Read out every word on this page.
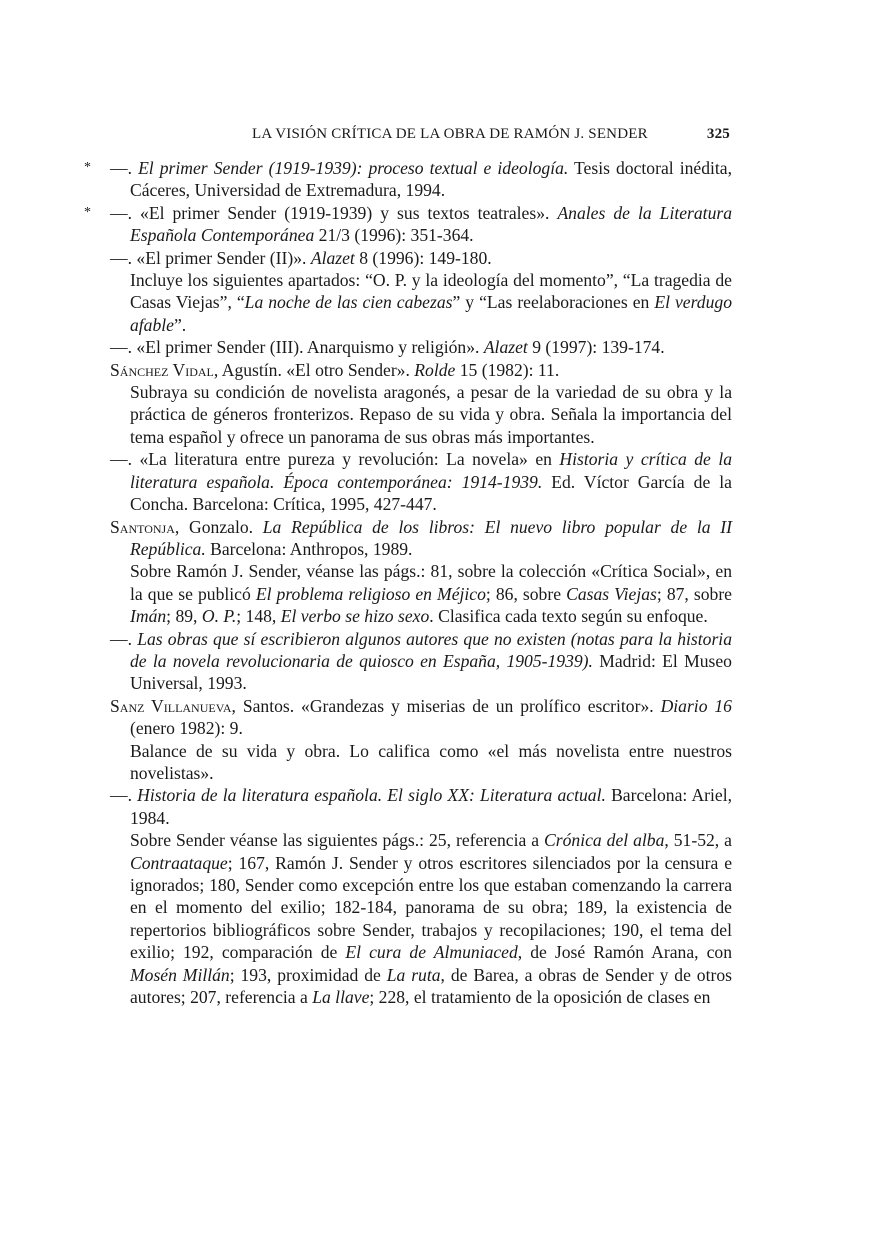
LA VISIÓN CRÍTICA DE LA OBRA DE RAMÓN J. SENDER	325

* —. El primer Sender (1919-1939): proceso textual e ideología. Tesis doctoral inédita, Cáceres, Universidad de Extremadura, 1994.

* —. «El primer Sender (1919-1939) y sus textos teatrales». Anales de la Literatura Española Contemporánea 21/3 (1996): 351-364.

—. «El primer Sender (II)». Alazet 8 (1996): 149-180.

Incluye los siguientes apartados: “O. P. y la ideología del momento”, “La tragedia de Casas Viejas”, “La noche de las cien cabezas” y “Las reelaboraciones en El verdugo afable”.

—. «El primer Sender (III). Anarquismo y religión». Alazet 9 (1997): 139-174.

Sánchez Vidal, Agustín. «El otro Sender». Rolde 15 (1982): 11.

Subraya su condición de novelista aragonés, a pesar de la variedad de su obra y la práctica de géneros fronterizos. Repaso de su vida y obra. Señala la importancia del tema español y ofrece un panorama de sus obras más importantes.

—. «La literatura entre pureza y revolución: La novela» en Historia y crítica de la literatura española. Época contemporánea: 1914-1939. Ed. Víctor García de la Concha. Barcelona: Crítica, 1995, 427-447.

Santonja, Gonzalo. La República de los libros: El nuevo libro popular de la II República. Barcelona: Anthropos, 1989.

Sobre Ramón J. Sender, véanse las págs.: 81, sobre la colección «Crítica Social», en la que se publicó El problema religioso en Méjico; 86, sobre Casas Viejas; 87, sobre Imán; 89, O. P.; 148, El verbo se hizo sexo. Clasifica cada texto según su enfoque.

—. Las obras que sí escribieron algunos autores que no existen (notas para la historia de la novela revolucionaria de quiosco en España, 1905-1939). Madrid: El Museo Universal, 1993.

Sanz Villanueva, Santos. «Grandezas y miserias de un prolífico escritor». Diario 16 (enero 1982): 9.

Balance de su vida y obra. Lo califica como «el más novelista entre nuestros novelistas».

—. Historia de la literatura española. El siglo XX: Literatura actual. Barcelona: Ariel, 1984.

Sobre Sender véanse las siguientes págs.: 25, referencia a Crónica del alba, 51-52, a Contraataque; 167, Ramón J. Sender y otros escritores silenciados por la censura e ignorados; 180, Sender como excepción entre los que estaban comenzando la carrera en el momento del exilio; 182-184, panorama de su obra; 189, la existencia de repertorios bibliográficos sobre Sender, trabajos y recopilaciones; 190, el tema del exilio; 192, comparación de El cura de Almuniaced, de José Ramón Arana, con Mosén Millán; 193, proximidad de La ruta, de Barea, a obras de Sender y de otros autores; 207, referencia a La llave; 228, el tratamiento de la oposición de clases en
